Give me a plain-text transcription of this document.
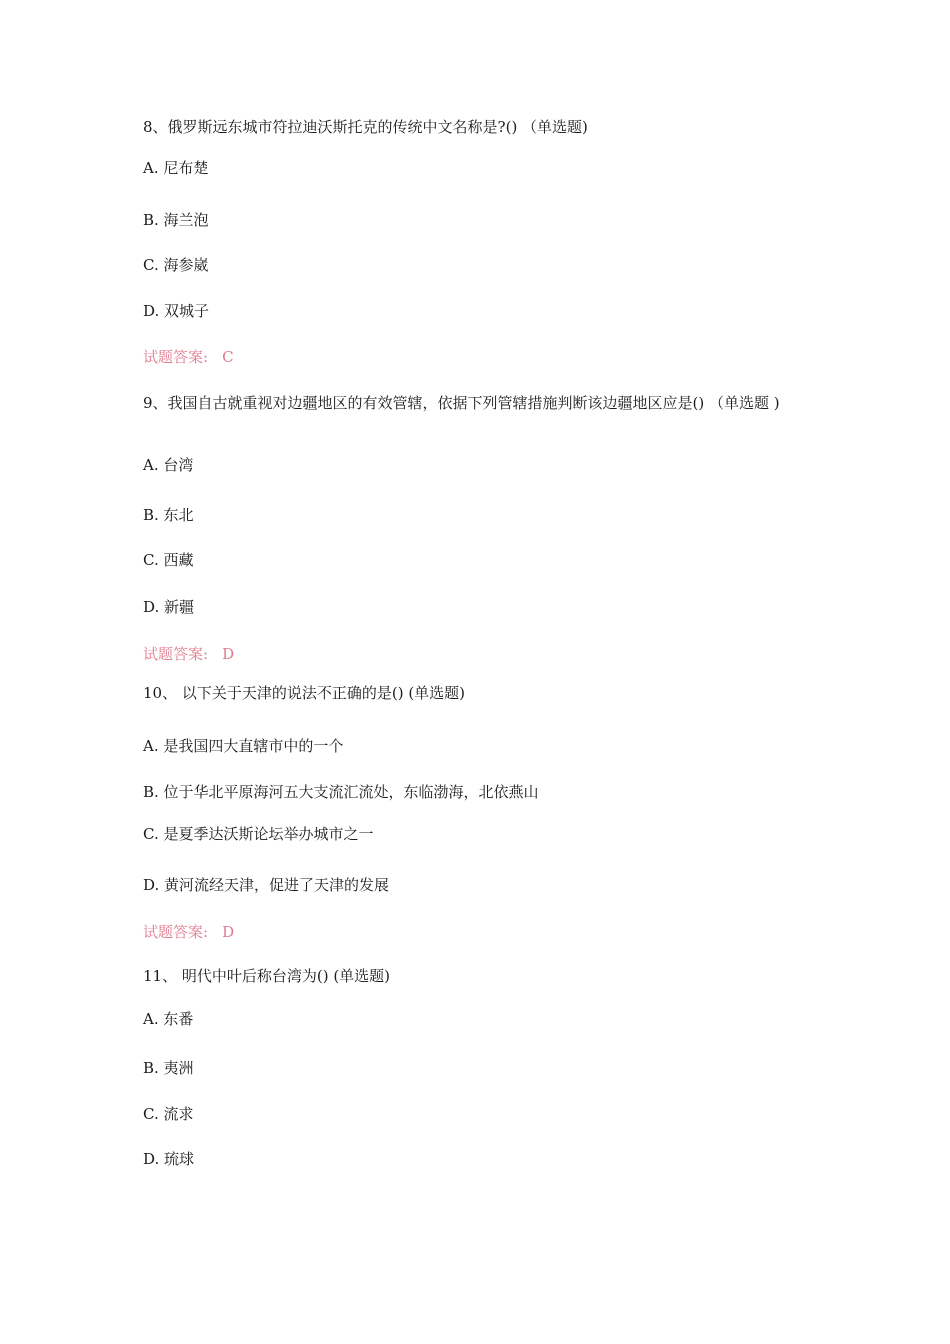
8、俄罗斯远东城市符拉迪沃斯托克的传统中文名称是?() （单选题)
A. 尼布楚
B. 海兰泡
C. 海参崴
D. 双城子
试题答案: C
9、我国自古就重视对边疆地区的有效管辖，依据下列管辖措施判断该边疆地区应是() （单选题 )
A. 台湾
B. 东北
C. 西藏
D. 新疆
试题答案: D
10、 以下关于天津的说法不正确的是() (单选题)
A. 是我国四大直辖市中的一个
B. 位于华北平原海河五大支流汇流处，东临渤海，北依燕山
C. 是夏季达沃斯论坛举办城市之一
D. 黄河流经天津，促进了天津的发展
试题答案: D
11、 明代中叶后称台湾为() (单选题)
A. 东番
B. 夷洲
C. 流求
D. 琉球
